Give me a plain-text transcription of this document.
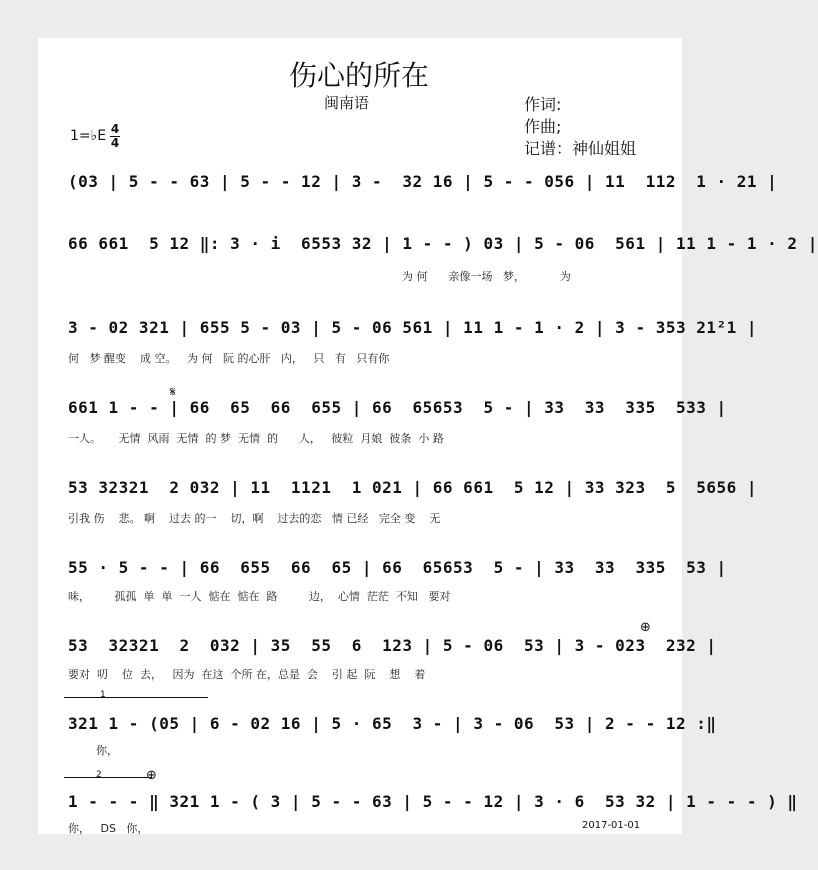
伤心的所在
闽南语	作词:
作曲;
记谱：神仙姐姐
1=♭E 4
4
(03 | 5 - - 63 | 5 - - 12 | 3 -  32 16 | 5 - - 056 | 11  112  1 · 21 |
66 661  5 12 ‖: 3 · i  6553 32 | 1 - - ) 03 | 5 - 06  561 | 11 1 - 1 · 2 |
为 何      亲像一场   梦，          为
3 - 02 321 | 655 5 - 03 | 5 - 06 561 | 11 1 - 1 · 2 | 3 - 353 21²1 |
何   梦 醒变    成 空。   为 何   阮 的心肝   内，   只   有   只有你
661 1 - - | 66  65  66  655 | 66  65653  5 - | 33  33  335  533 |
一人。     无情  风雨  无情  的 梦  无情  的      人，   彼粒  月娘  彼条  小 路
53 32321  2 032 | 11  1121  1 021 | 66 661  5 12 | 33 323  5  5656 |
引我 伤    悲。 啊    过去 的一    切，啊    过去的恋   情 已经   完全 变    无
55 · 5 - - | 66  655  66  65 | 66  65653  5 - | 33  33  335  53 |
味，       孤孤  单  单  一人  惦在  惦在  路         边，  心情  茫茫  不知   要对
53  32321  2  032 | 35  55  6  123 | 5 - 06  53 | 3 - 023  232 |
要对  叨    位  去，   因为  在这  个所 在，总是  会    引 起  阮    想    着
1
321 1 - (05 | 6 - 02 16 | 5 · 65  3 - | 3 - 06  53 | 2 - - 12 :‖
你，
2	⊕
⊕
𝄋
1 - - - ‖ 321 1 - ( 3 | 5 - - 63 | 5 - - 12 | 3 · 6  53 32 | 1 - - - ) ‖
你，   DS   你，	2017-01-01
